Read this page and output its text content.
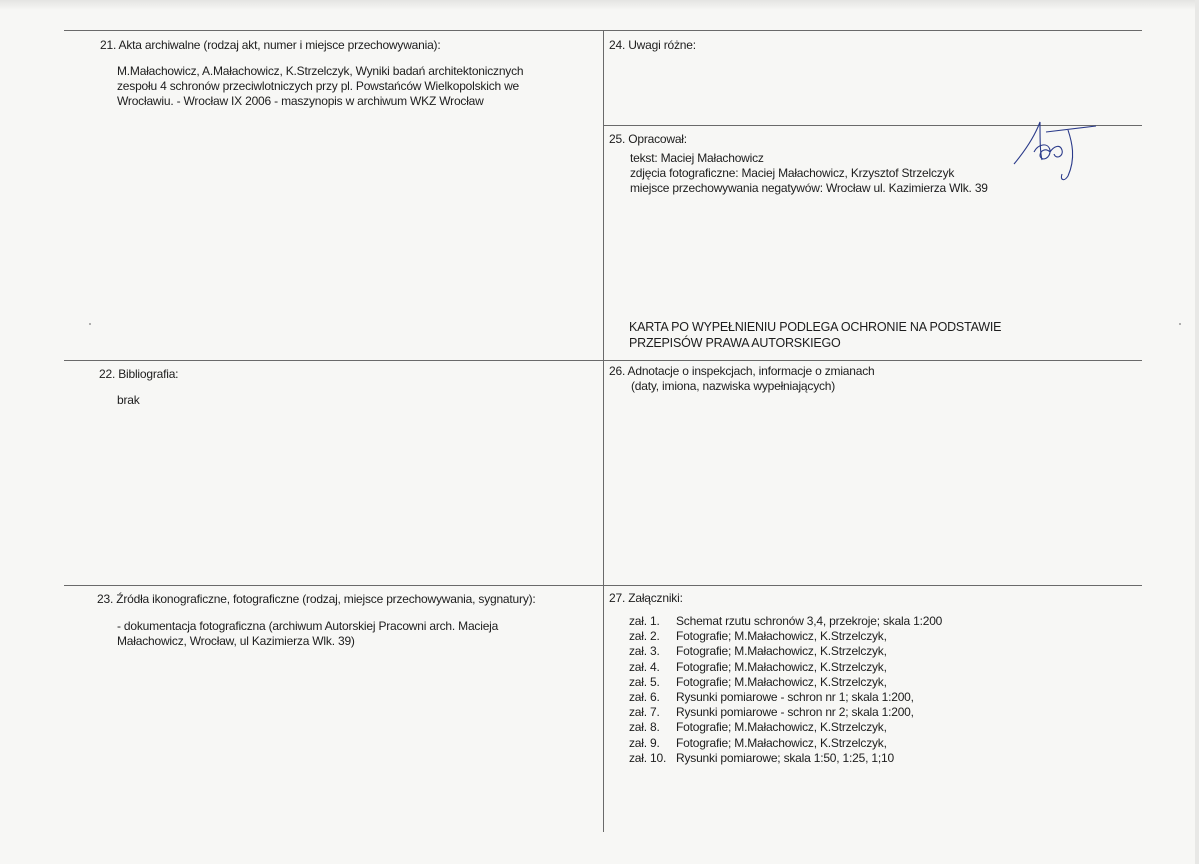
21. Akta archiwalne (rodzaj akt, numer i miejsce przechowywania):
M.Małachowicz, A.Małachowicz, K.Strzelczyk, Wyniki badań architektonicznych
zespołu 4 schronów przeciwlotniczych przy pl. Powstańców Wielkopolskich we
Wrocławiu. - Wrocław IX 2006 - maszynopis w archiwum WKZ Wrocław
24. Uwagi różne:
25. Opracował:
tekst: Maciej Małachowicz
zdjęcia fotograficzne: Maciej Małachowicz, Krzysztof Strzelczyk
miejsce przechowywania negatywów: Wrocław ul. Kazimierza Wlk. 39
KARTA PO WYPEŁNIENIU PODLEGA OCHRONIE NA PODSTAWIE
PRZEPISÓW PRAWA AUTORSKIEGO
22. Bibliografia:
brak
26. Adnotacje o inspekcjach, informacje o zmianach
(daty, imiona, nazwiska wypełniających)
23. Źródła ikonograficzne, fotograficzne (rodzaj, miejsce przechowywania, sygnatury):
- dokumentacja fotograficzna (archiwum Autorskiej Pracowni arch. Macieja
Małachowicz, Wrocław, ul Kazimierza Wlk. 39)
27. Załączniki:
zał. 1. Schemat rzutu schronów 3,4, przekroje; skala 1:200
zał. 2. Fotografie; M.Małachowicz, K.Strzelczyk,
zał. 3. Fotografie; M.Małachowicz, K.Strzelczyk,
zał. 4. Fotografie; M.Małachowicz, K.Strzelczyk,
zał. 5. Fotografie; M.Małachowicz, K.Strzelczyk,
zał. 6. Rysunki pomiarowe - schron nr 1; skala 1:200,
zał. 7. Rysunki pomiarowe - schron nr 2; skala 1:200,
zał. 8. Fotografie; M.Małachowicz, K.Strzelczyk,
zał. 9. Fotografie; M.Małachowicz, K.Strzelczyk,
zał. 10. Rysunki pomiarowe; skala 1:50, 1:25, 1;10
